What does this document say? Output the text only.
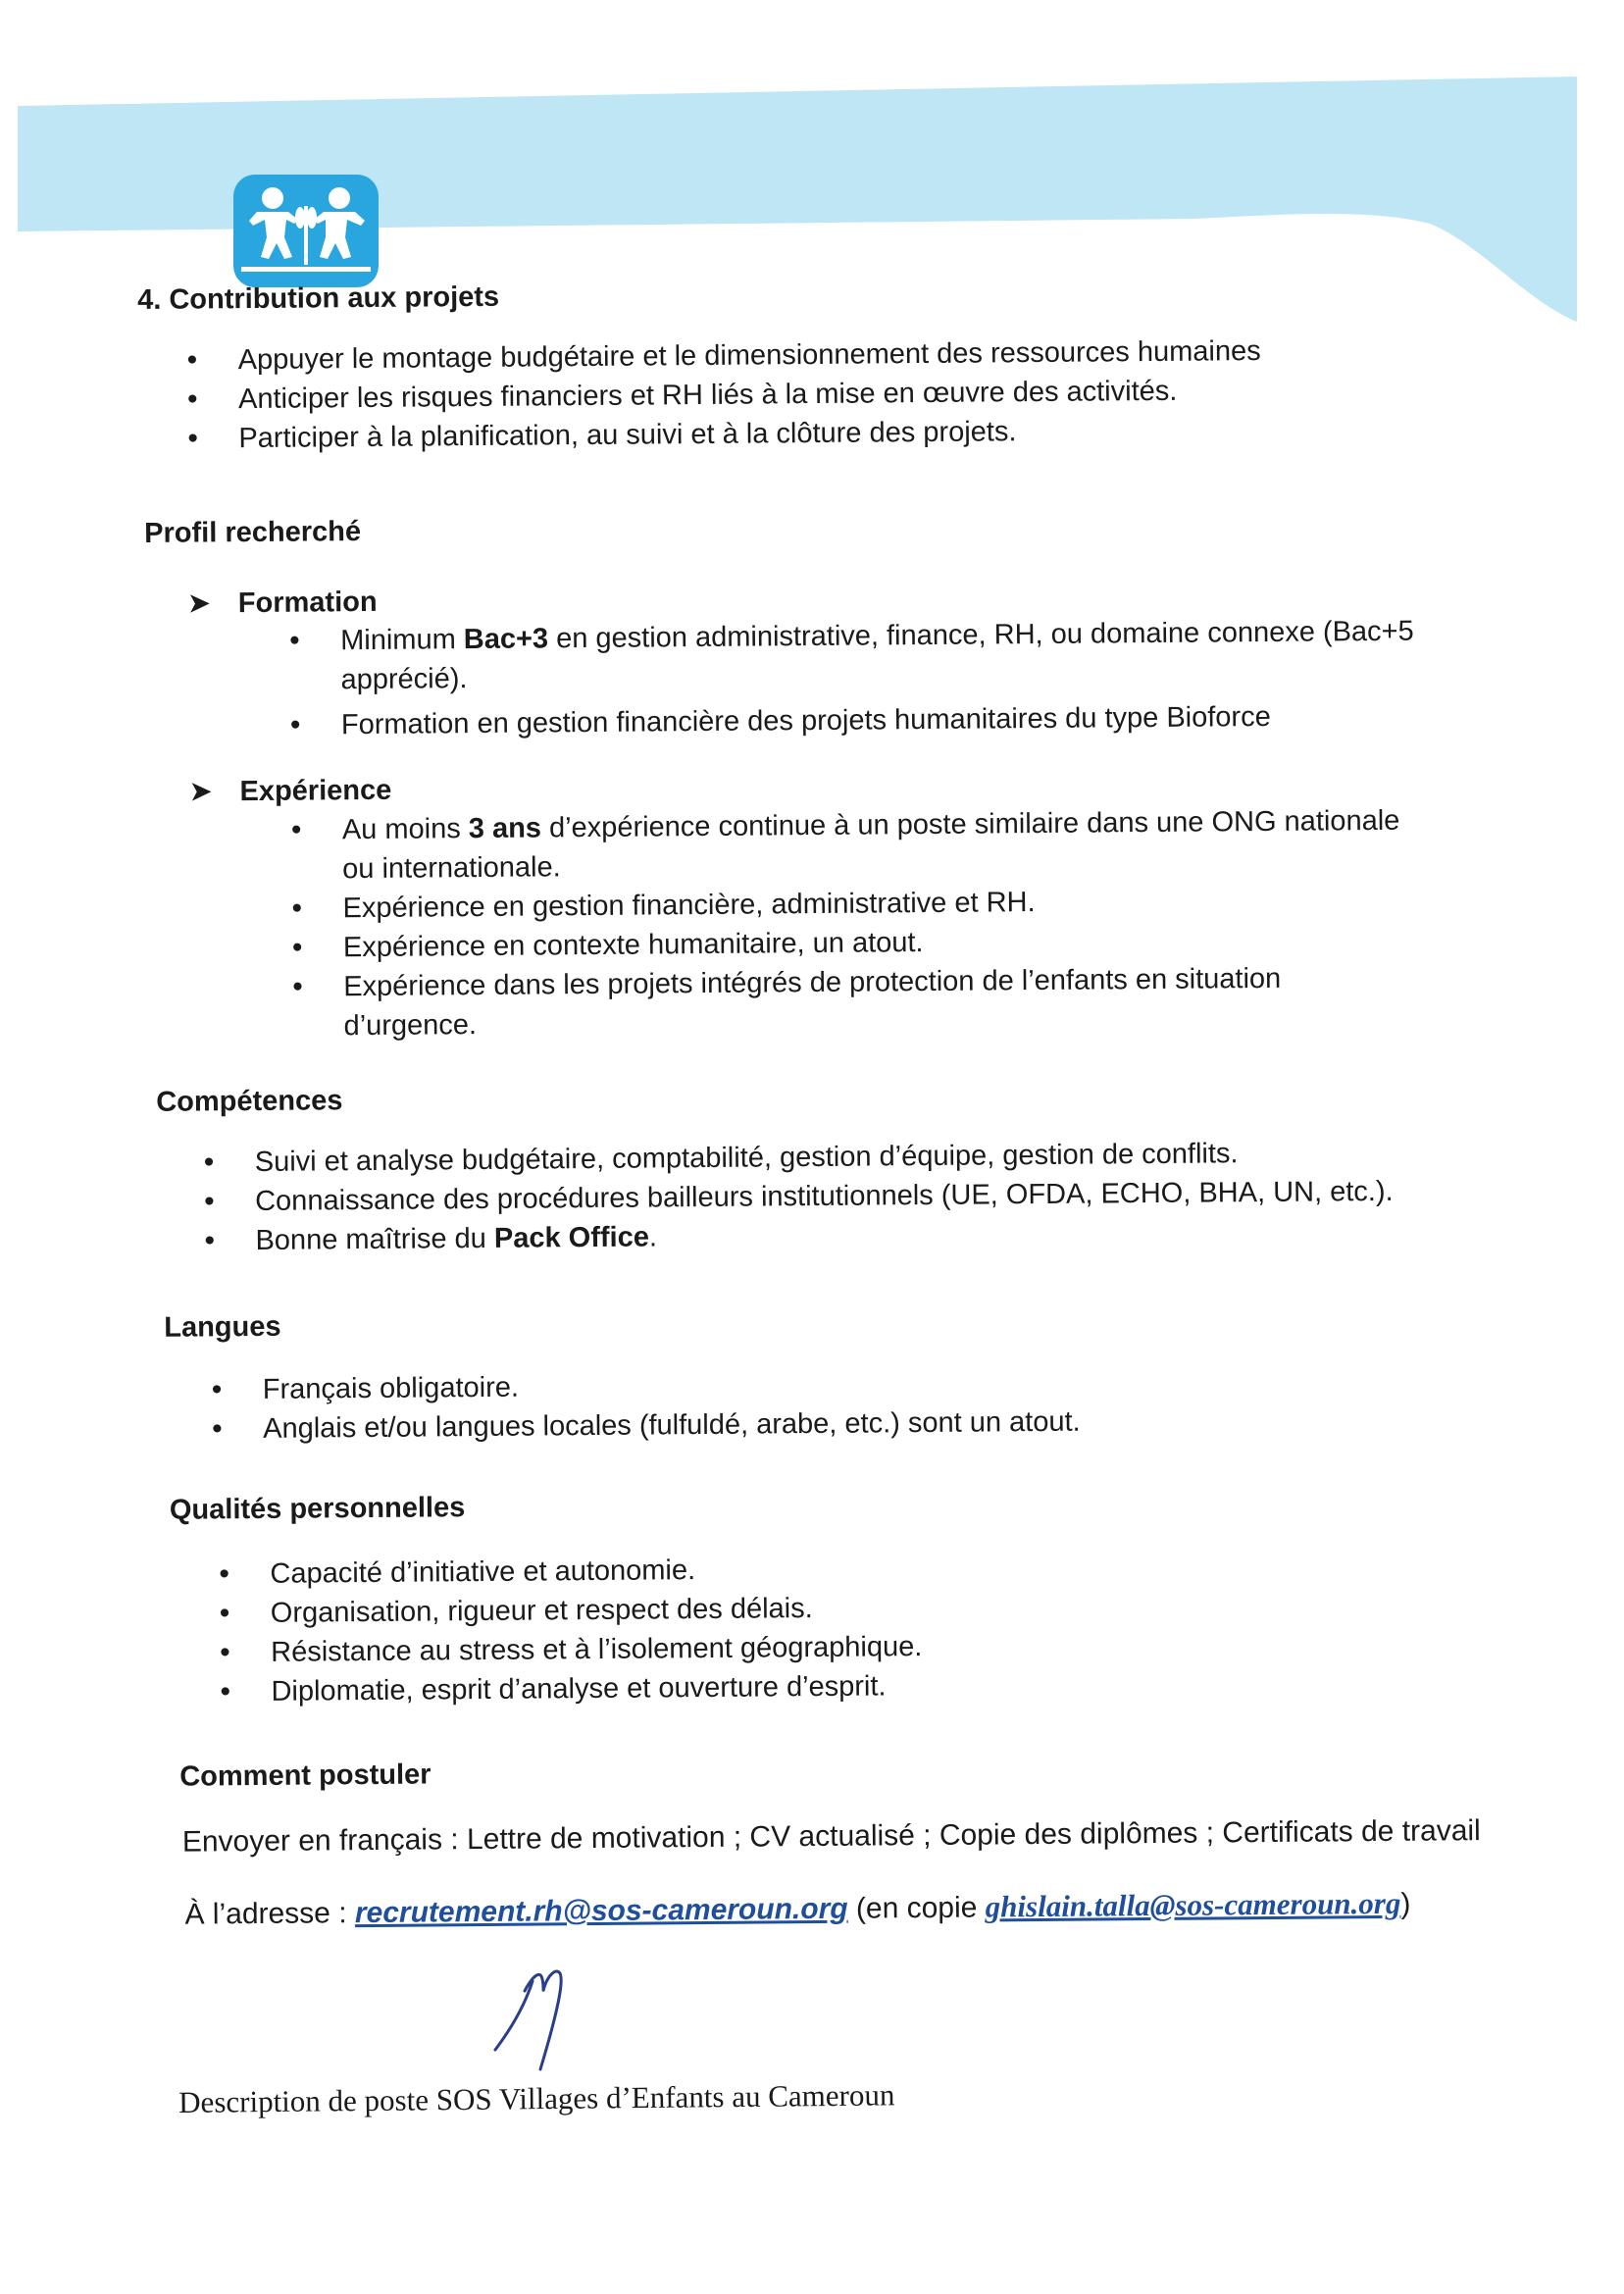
4. Contribution aux projets
• Appuyer le montage budgétaire et le dimensionnement des ressources humaines
• Anticiper les risques financiers et RH liés à la mise en œuvre des activités.
• Participer à la planification, au suivi et à la clôture des projets.
Profil recherché
➤ Formation
• Minimum Bac+3 en gestion administrative, finance, RH, ou domaine connexe (Bac+5
apprécié).
• Formation en gestion financière des projets humanitaires du type Bioforce
➤ Expérience
• Au moins 3 ans d’expérience continue à un poste similaire dans une ONG nationale
ou internationale.
• Expérience en gestion financière, administrative et RH.
• Expérience en contexte humanitaire, un atout.
• Expérience dans les projets intégrés de protection de l’enfants en situation
d’urgence.
Compétences
• Suivi et analyse budgétaire, comptabilité, gestion d’équipe, gestion de conflits.
• Connaissance des procédures bailleurs institutionnels (UE, OFDA, ECHO, BHA, UN, etc.).
• Bonne maîtrise du Pack Office.
Langues
• Français obligatoire.
• Anglais et/ou langues locales (fulfuldé, arabe, etc.) sont un atout.
Qualités personnelles
• Capacité d’initiative et autonomie.
• Organisation, rigueur et respect des délais.
• Résistance au stress et à l’isolement géographique.
• Diplomatie, esprit d’analyse et ouverture d’esprit.
Comment postuler
Envoyer en français : Lettre de motivation ; CV actualisé ; Copie des diplômes ; Certificats de travail
À l’adresse : recrutement.rh@sos-cameroun.org (en copie ghislain.talla@sos-cameroun.org)
Description de poste SOS Villages d’Enfants au Cameroun
